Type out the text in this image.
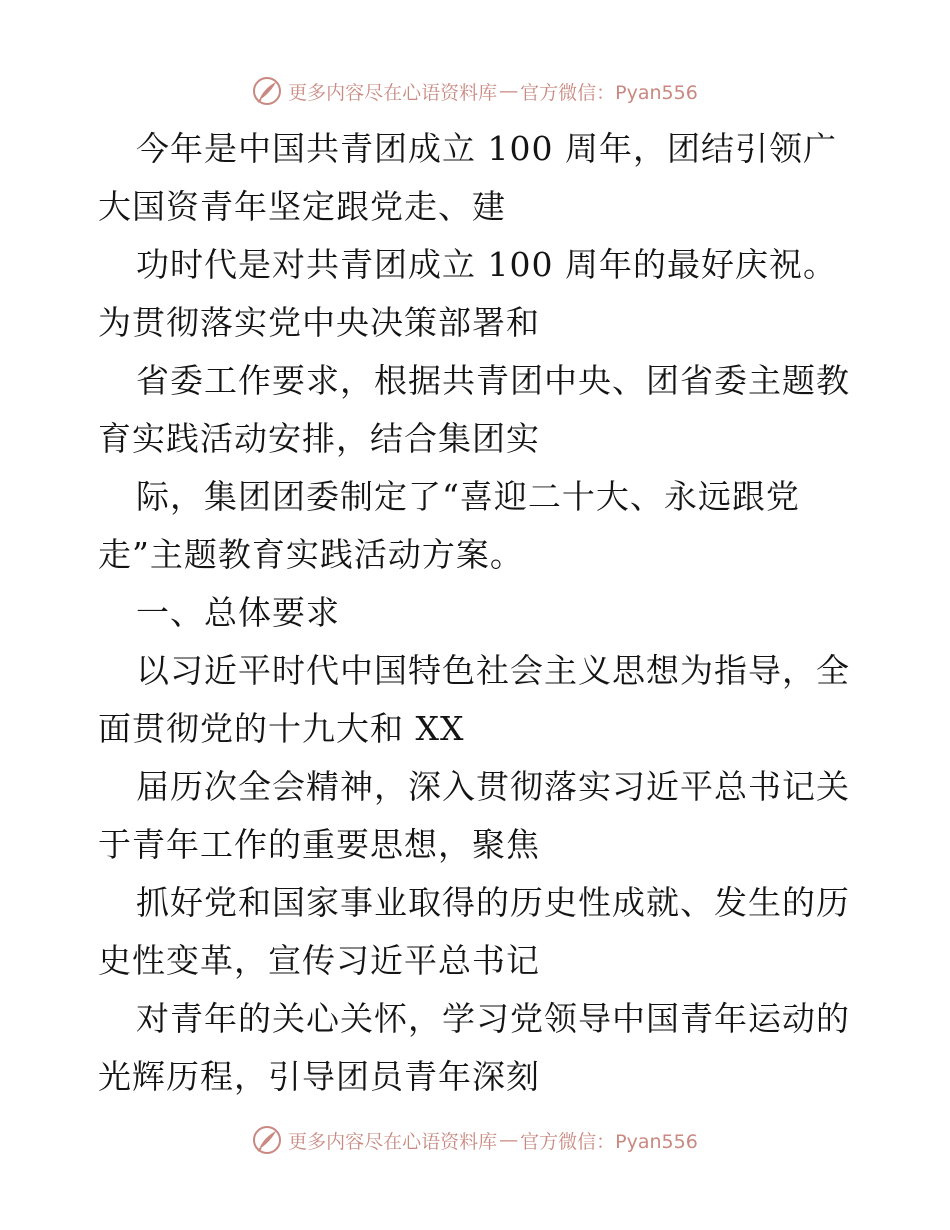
更多内容尽在心语资料库 — 官方微信：Pyan556
今年是中国共青团成立 100 周年，团结引领广
大国资青年坚定跟党走、建
功时代是对共青团成立 100 周年的最好庆祝。
为贯彻落实党中央决策部署和
省委工作要求，根据共青团中央、团省委主题教
育实践活动安排，结合集团实
际，集团团委制定了“喜迎二十大、永远跟党
走”主题教育实践活动方案。
一、总体要求
以习近平时代中国特色社会主义思想为指导，全
面贯彻党的十九大和 XX
届历次全会精神，深入贯彻落实习近平总书记关
于青年工作的重要思想，聚焦
抓好党和国家事业取得的历史性成就、发生的历
史性变革，宣传习近平总书记
对青年的关心关怀，学习党领导中国青年运动的
光辉历程，引导团员青年深刻
更多内容尽在心语资料库 — 官方微信：Pyan556
